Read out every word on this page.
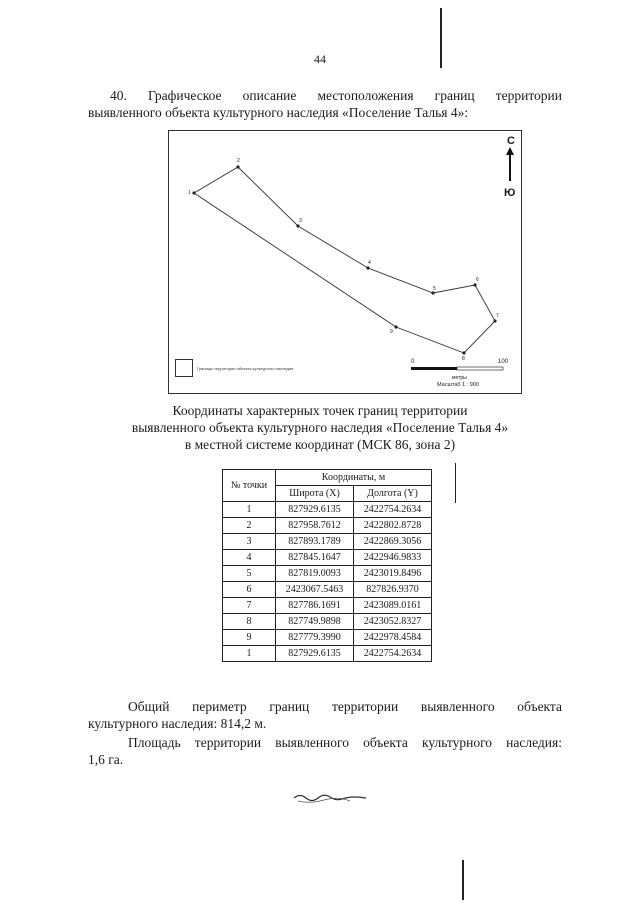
44
40. Графическое описание местоположения границ территории
выявленного объекта культурного наследия «Поселение Талья 4»:
1
2
3
4
5
6
7
8
9
Границы территории объекта культурного наследия
С
Ю
0	100
метры
Масштаб 1 : 900
Координаты характерных точек границ территории
выявленного объекта культурного наследия «Поселение Талья 4»
в местной системе координат (МСК 86, зона 2)
№ точки	Координаты, м	
	Широта (X)	Долгота (Y)
1	827929.6135	2422754.2634
2	827958.7612	2422802.8728
3	827893.1789	2422869.3056
4	827845.1647	2422946.9833
5	827819.0093	2423019.8496
6	2423067.5463	827826.9370
7	827786.1691	2423089.0161
8	827749.9898	2423052.8327
9	827779.3990	2422978.4584
1	827929.6135	2422754.2634
Общий периметр границ территории выявленного объекта
культурного наследия: 814,2 м.
Площадь территории выявленного объекта культурного наследия:
1,6 га.
